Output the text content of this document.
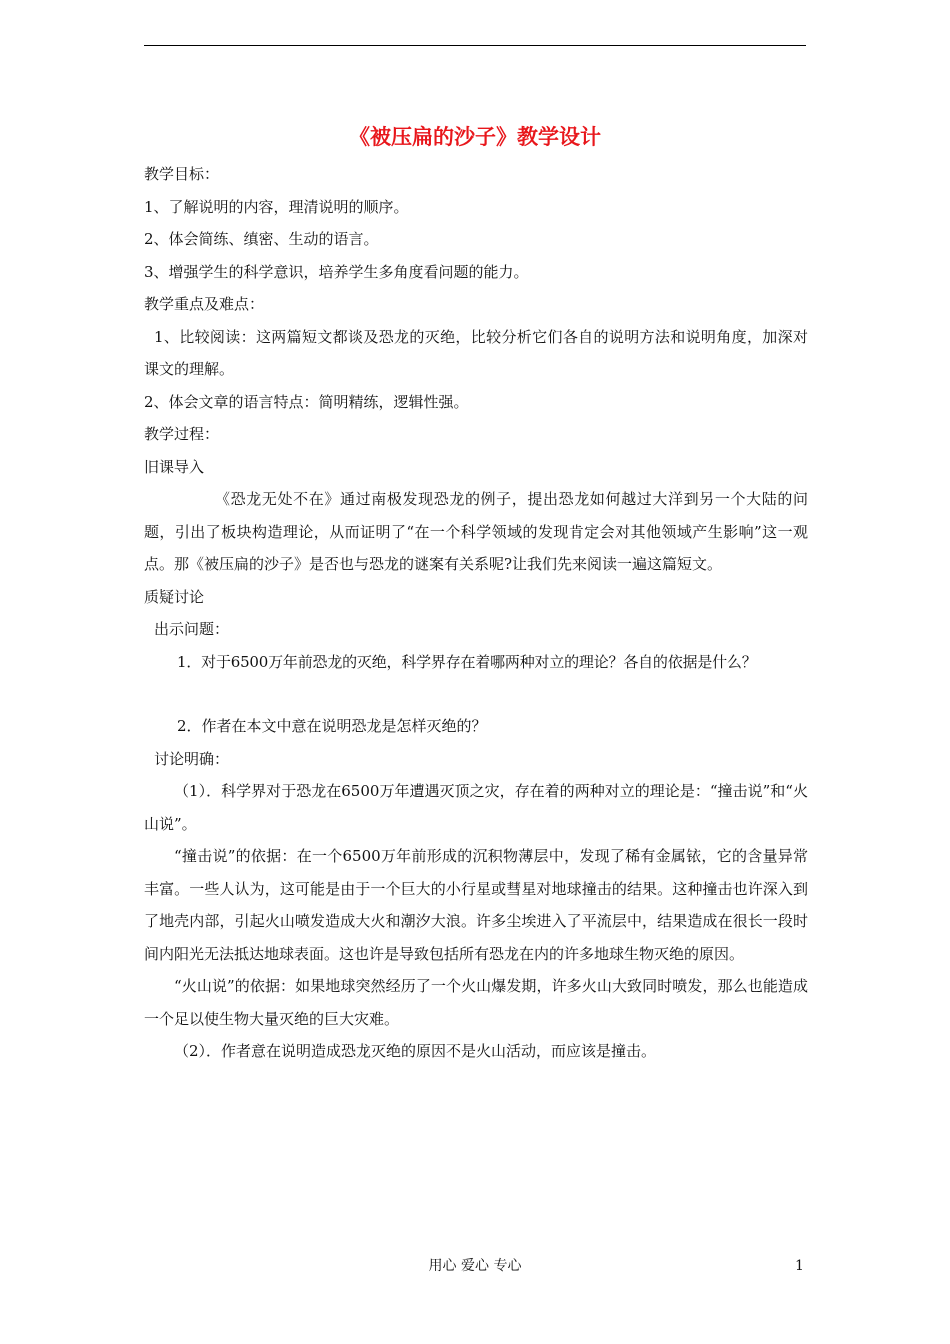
《被压扁的沙子》教学设计

教学目标：

1、了解说明的内容，理清说明的顺序。

2、体会简练、缜密、生动的语言。

3、增强学生的科学意识，培养学生多角度看问题的能力。

教学重点及难点：

1、比较阅读：这两篇短文都谈及恐龙的灭绝，比较分析它们各自的说明方法和说明角度，加深对课文的理解。

2、体会文章的语言特点：简明精练，逻辑性强。

教学过程：

旧课导入

《恐龙无处不在》通过南极发现恐龙的例子，提出恐龙如何越过大洋到另一个大陆的问题，引出了板块构造理论，从而证明了“在一个科学领域的发现肯定会对其他领域产生影响”这一观点。那《被压扁的沙子》是否也与恐龙的谜案有关系呢?让我们先来阅读一遍这篇短文。

质疑讨论

出示问题：

1．对于6500万年前恐龙的灭绝，科学界存在着哪两种对立的理论？各自的依据是什么？

2．作者在本文中意在说明恐龙是怎样灭绝的？

讨论明确：

（1）．科学界对于恐龙在6500万年遭遇灭顶之灾，存在着的两种对立的理论是：“撞击说”和“火山说”。

“撞击说”的依据：在一个6500万年前形成的沉积物薄层中，发现了稀有金属铱，它的含量异常丰富。一些人认为，这可能是由于一个巨大的小行星或彗星对地球撞击的结果。这种撞击也许深入到了地壳内部，引起火山喷发造成大火和潮汐大浪。许多尘埃进入了平流层中，结果造成在很长一段时间内阳光无法抵达地球表面。这也许是导致包括所有恐龙在内的许多地球生物灭绝的原因。

“火山说”的依据：如果地球突然经历了一个火山爆发期，许多火山大致同时喷发，那么也能造成一个足以使生物大量灭绝的巨大灾难。

（2）．作者意在说明造成恐龙灭绝的原因不是火山活动，而应该是撞击。

用心 爱心 专心	1
